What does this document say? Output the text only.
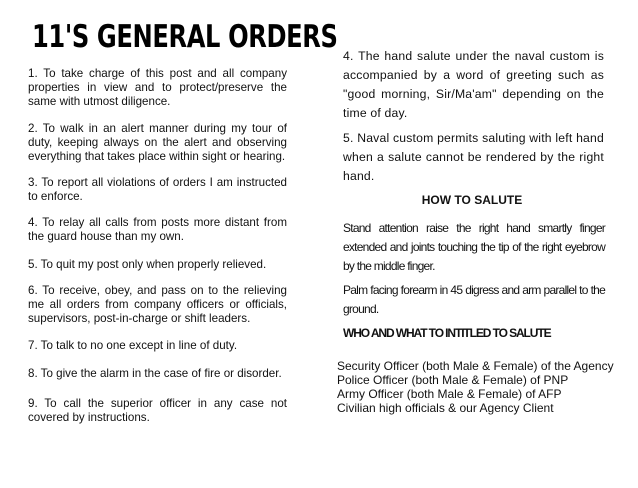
11'S GENERAL ORDERS

1. To take charge of this post and all company properties in view and to protect/preserve the same with utmost diligence.

2. To walk in an alert manner during my tour of duty, keeping always on the alert and observing everything that takes place within sight or hearing.

3. To report all violations of orders I am instructed to enforce.

4. To relay all calls from posts more distant from the guard house than my own.

5. To quit my post only when properly relieved.

6. To receive, obey, and pass on to the relieving me all orders from company officers or officials, supervisors, post-in-charge or shift leaders.

7. To talk to no one except in line of duty.

8. To give the alarm in the case of fire or disorder.

9. To call the superior officer in any case not covered by instructions.

4. The hand salute under the naval custom is accompanied by a word of greeting such as "good morning, Sir/Ma'am" depending on the time of day.

5. Naval custom permits saluting with left hand when a salute cannot be rendered by the right hand.

HOW TO SALUTE

Stand attention raise the right hand smartly finger extended and joints touching the tip of the right eyebrow by the middle finger.

Palm facing forearm in 45 digress and arm parallel to the ground.

WHO AND WHAT TO INTITLED TO SALUTE

Security Officer (both Male & Female) of the Agency

Police Officer (both Male & Female) of PNP

Army Officer (both Male & Female) of AFP

Civilian high officials & our Agency Client
